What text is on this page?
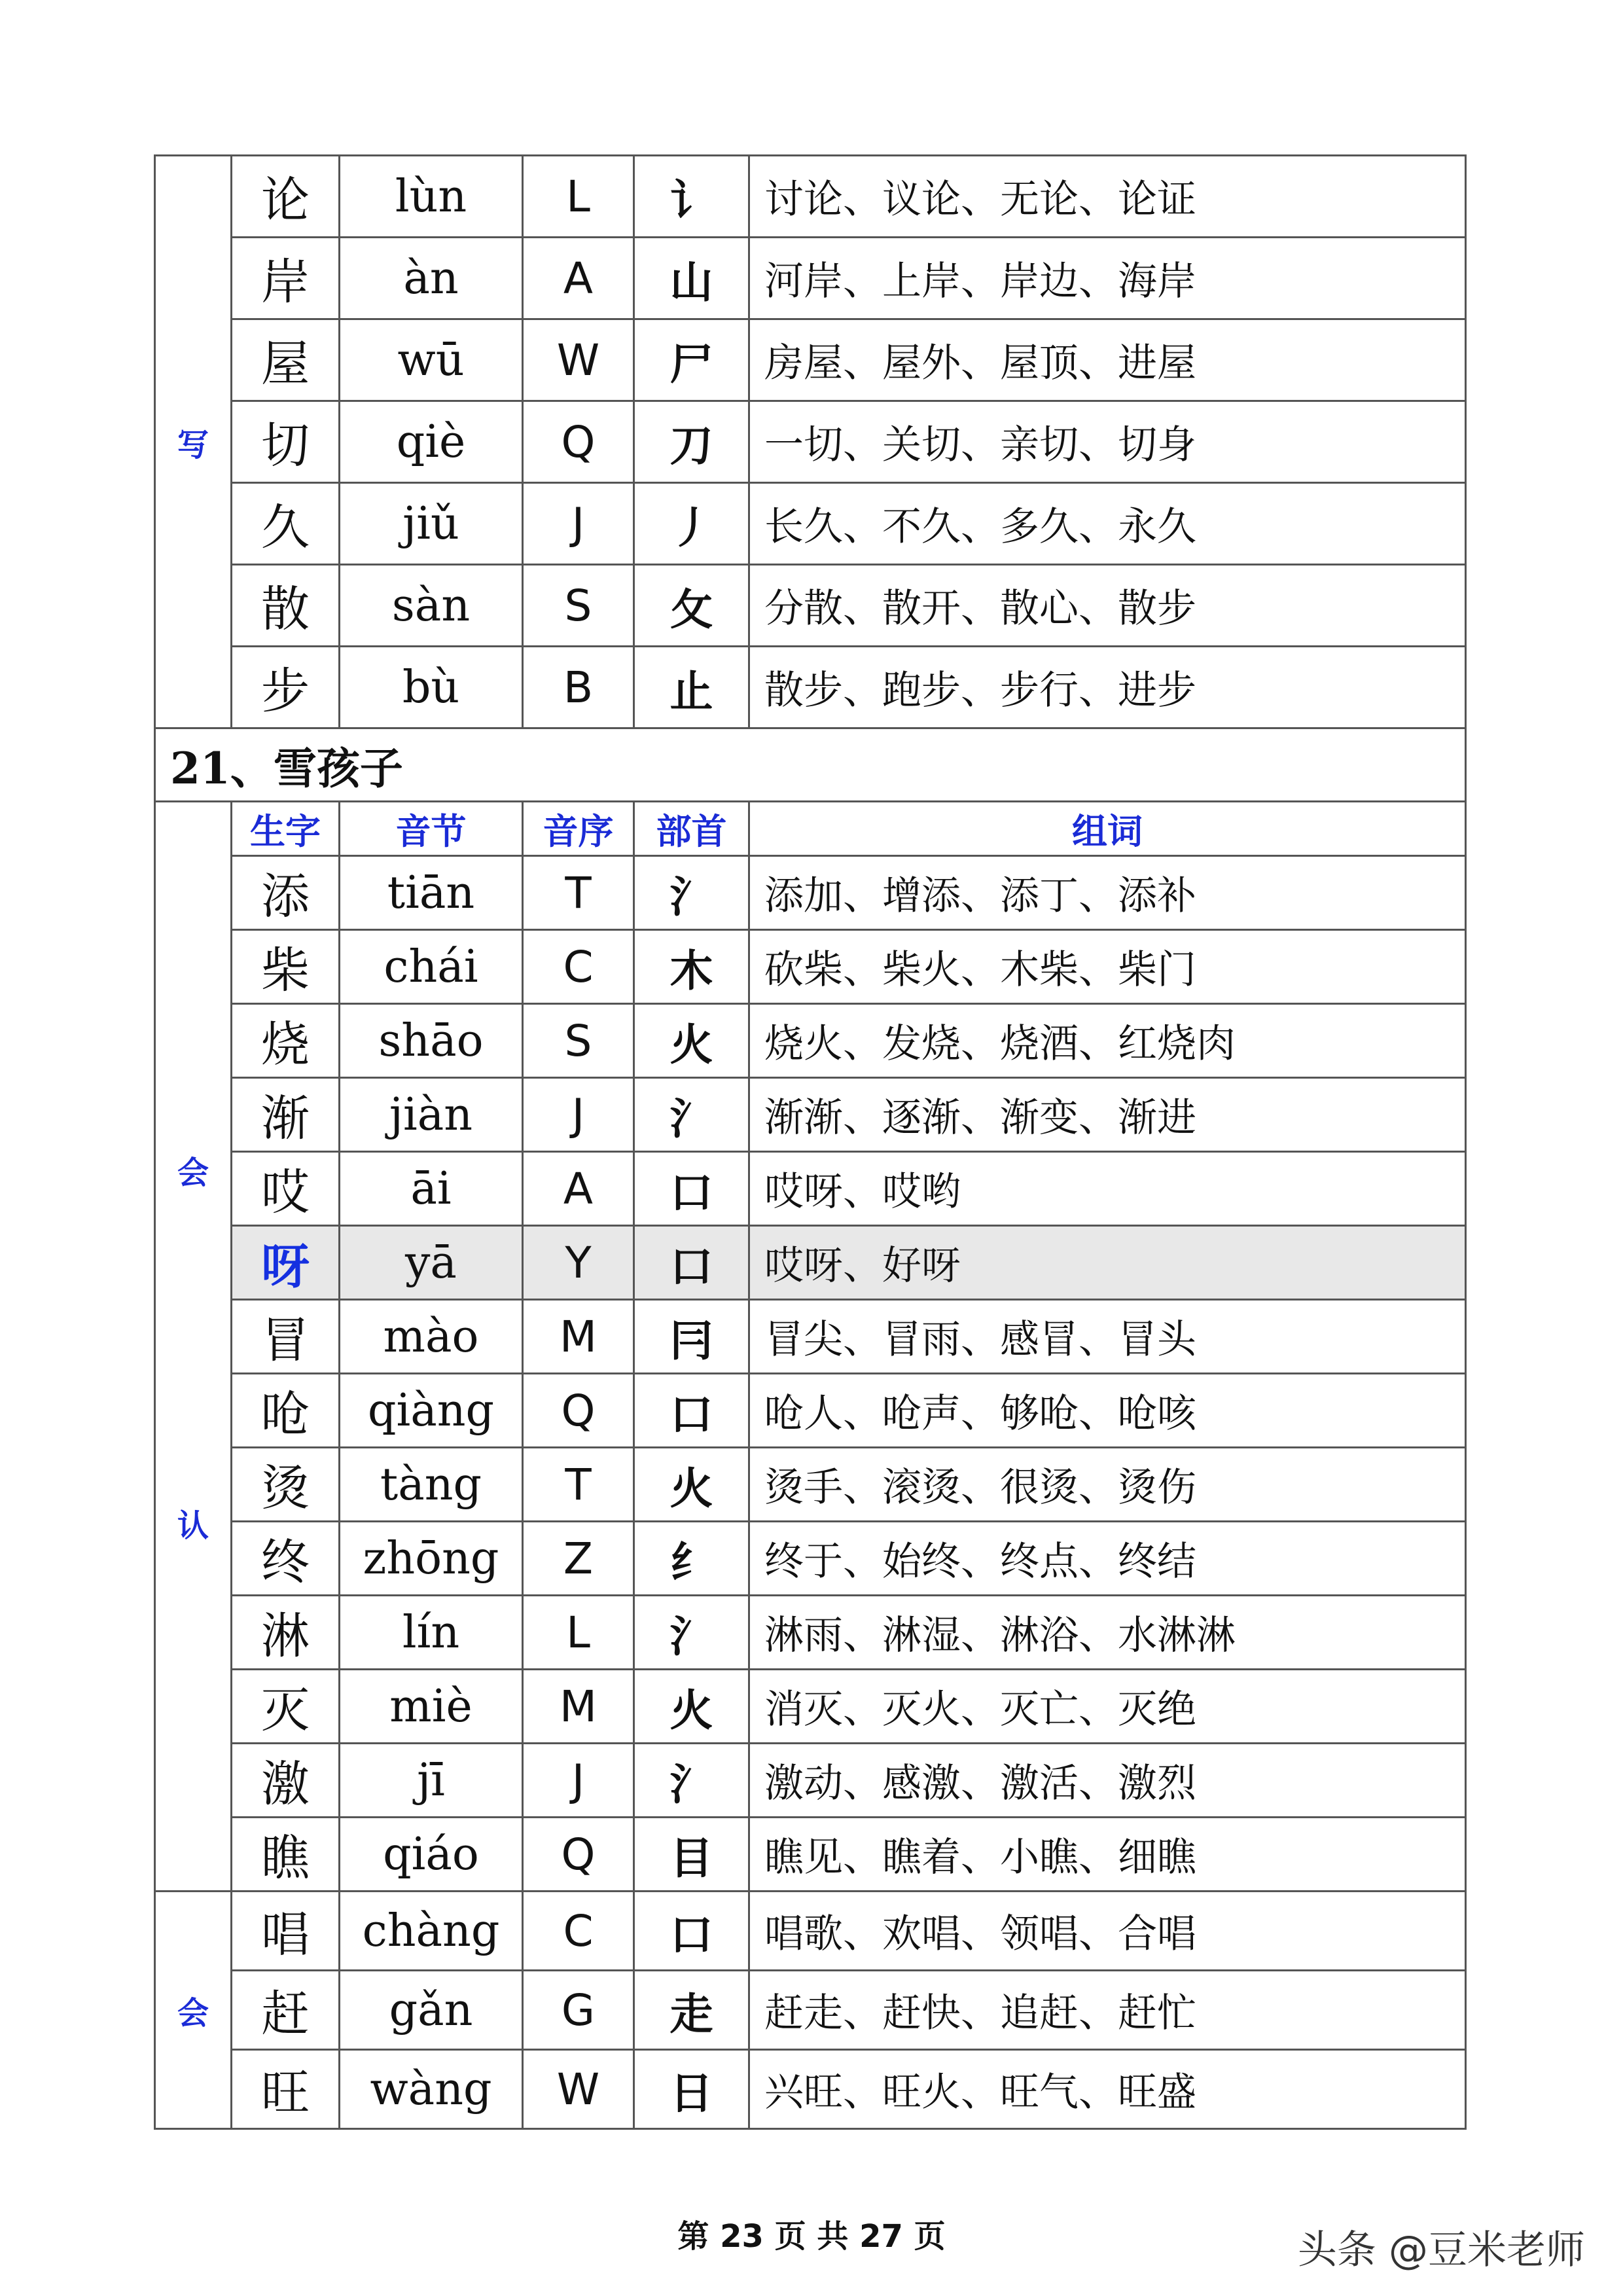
写	论	lùn	L	讠	讨论、议论、无论、论证
	岸	àn	A	山	河岸、上岸、岸边、海岸
	屋	wū	W	尸	房屋、屋外、屋顶、进屋
	切	qiè	Q	刀	一切、关切、亲切、切身
	久	jiǔ	J	丿	长久、不久、多久、永久
	散	sàn	S	攵	分散、散开、散心、散步
	步	bù	B	止	散步、跑步、步行、进步
21、雪孩子					

会
认	生字	音节	音序	部首	组词
	添	tiān	T	氵	添加、增添、添丁、添补
	柴	chái	C	木	砍柴、柴火、木柴、柴门
	烧	shāo	S	火	烧火、发烧、烧酒、红烧肉
	渐	jiàn	J	氵	渐渐、逐渐、渐变、渐进
	哎	āi	A	口	哎呀、哎哟
	呀	yā	Y	口	哎呀、好呀
	冒	mào	M	冃	冒尖、冒雨、感冒、冒头
	呛	qiàng	Q	口	呛人、呛声、够呛、呛咳
	烫	tàng	T	火	烫手、滚烫、很烫、烫伤
	终	zhōng	Z	纟	终于、始终、终点、终结
	淋	lín	L	氵	淋雨、淋湿、淋浴、水淋淋
	灭	miè	M	火	消灭、灭火、灭亡、灭绝
	激	jī	J	氵	激动、感激、激活、激烈
	瞧	qiáo	Q	目	瞧见、瞧着、小瞧、细瞧

会	唱	chàng	C	口	唱歌、欢唱、领唱、合唱
	赶	gǎn	G	走	赶走、赶快、追赶、赶忙
	旺	wàng	W	日	兴旺、旺火、旺气、旺盛
第 23 页 共 27 页	头条 @豆米老师
